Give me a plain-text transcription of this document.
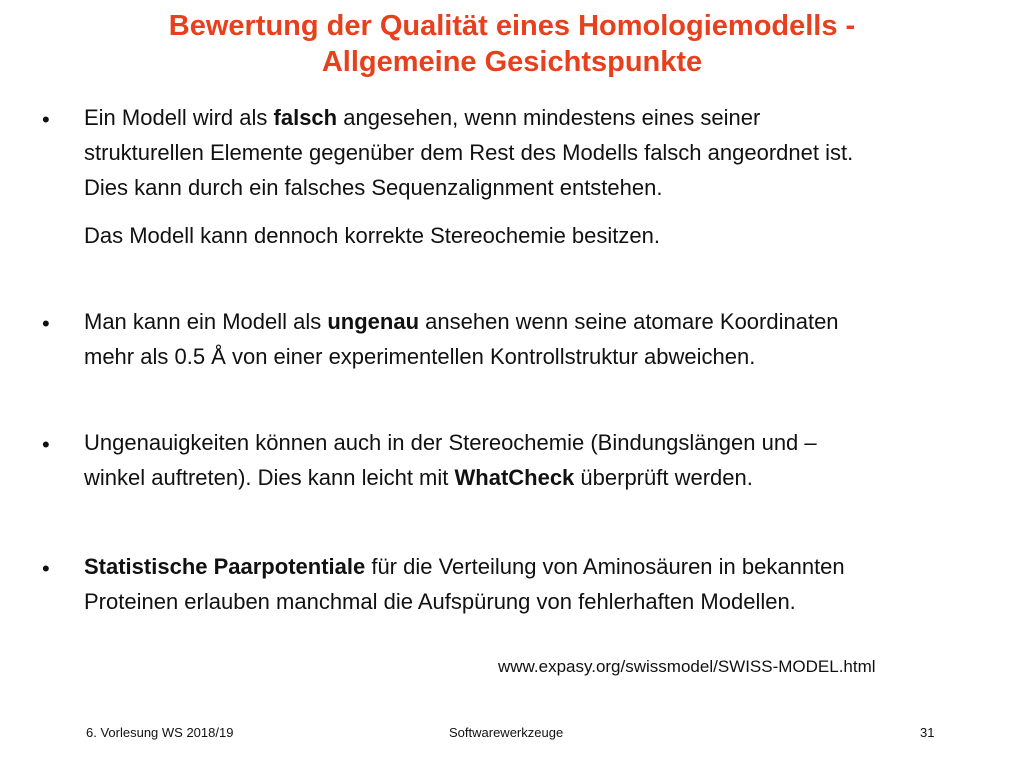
Bewertung der Qualität eines Homologiemodells -
Allgemeine Gesichtspunkte
• Ein Modell wird als falsch angesehen, wenn mindestens eines seiner
strukturellen Elemente gegenüber dem Rest des Modells falsch angeordnet ist.
Dies kann durch ein falsches Sequenzalignment entstehen.
Das Modell kann dennoch korrekte Stereochemie besitzen.
• Man kann ein Modell als ungenau ansehen wenn seine atomare Koordinaten
mehr als 0.5 Å von einer experimentellen Kontrollstruktur abweichen.
• Ungenauigkeiten können auch in der Stereochemie (Bindungslängen und –
winkel auftreten). Dies kann leicht mit WhatCheck überprüft werden.
• Statistische Paarpotentiale für die Verteilung von Aminosäuren in bekannten
Proteinen erlauben manchmal die Aufspürung von fehlerhaften Modellen.
www.expasy.org/swissmodel/SWISS-MODEL.html
6. Vorlesung WS 2018/19	Softwarewerkzeuge	31
